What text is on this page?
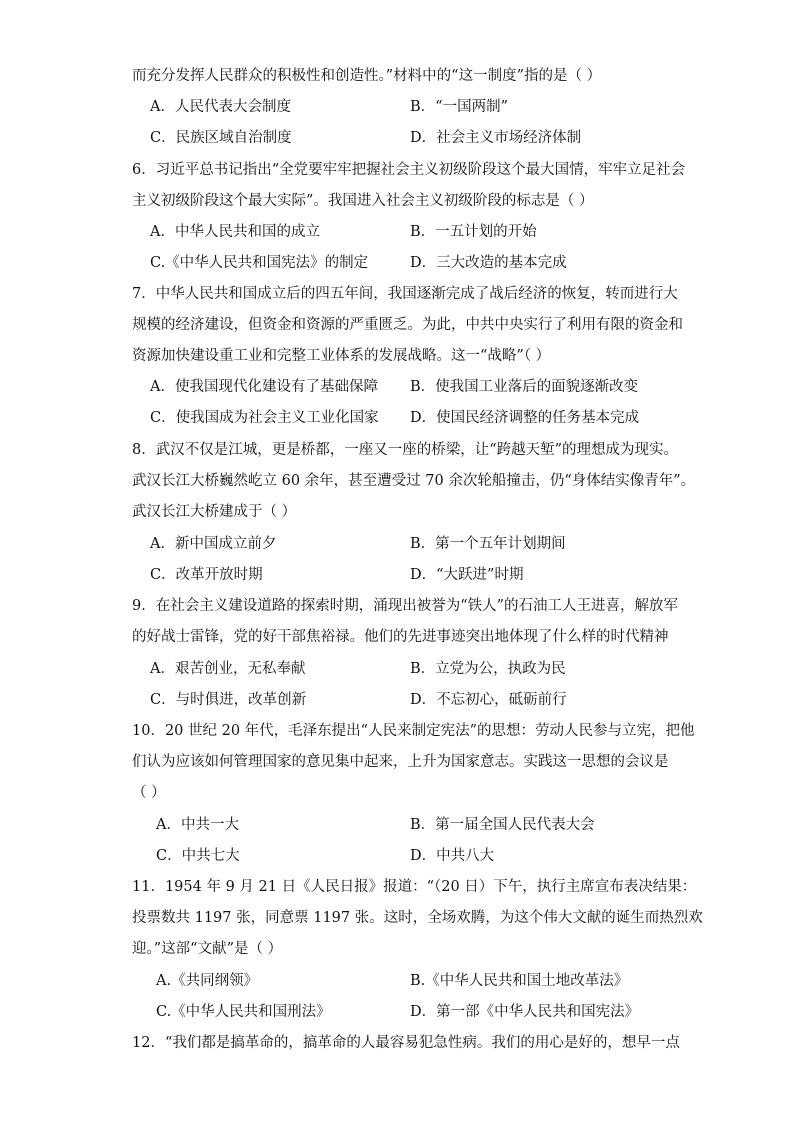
而充分发挥人民群众的积极性和创造性。”材料中的“这一制度”指的是（ ）
A．人民代表大会制度	B．“一国两制”
C．民族区域自治制度	D．社会主义市场经济体制
6．习近平总书记指出“全党要牢牢把握社会主义初级阶段这个最大国情，牢牢立足社会
主义初级阶段这个最大实际”。我国进入社会主义初级阶段的标志是（ ）
A．中华人民共和国的成立	B．一五计划的开始
C.《中华人民共和国宪法》的制定	D．三大改造的基本完成
7．中华人民共和国成立后的四五年间，我国逐渐完成了战后经济的恢复，转而进行大
规模的经济建设，但资金和资源的严重匮乏。为此，中共中央实行了利用有限的资金和
资源加快建设重工业和完整工业体系的发展战略。这一“战略”（ ）
A．使我国现代化建设有了基础保障 B．使我国工业落后的面貌逐渐改变
C．使我国成为社会主义工业化国家 D．使国民经济调整的任务基本完成
8．武汉不仅是江城，更是桥都，一座又一座的桥梁，让“跨越天堑”的理想成为现实。
武汉长江大桥巍然屹立 60 余年，甚至遭受过 70 余次轮船撞击，仍“身体结实像青年”。
武汉长江大桥建成于（ ）
A．新中国成立前夕	B．第一个五年计划期间
C．改革开放时期	D．“大跃进”时期
9．在社会主义建设道路的探索时期，涌现出被誉为“铁人”的石油工人王进喜，解放军
的好战士雷锋，党的好干部焦裕禄。他们的先进事迹突出地体现了什么样的时代精神
A．艰苦创业，无私奉献	B．立党为公，执政为民
C．与时俱进，改革创新	D．不忘初心，砥砺前行
10．20 世纪 20 年代，毛泽东提出“人民来制定宪法”的思想：劳动人民参与立宪，把他
们认为应该如何管理国家的意见集中起来，上升为国家意志。实践这一思想的会议是
（ ）
A．中共一大	B．第一届全国人民代表大会
C．中共七大	D．中共八大
11．1954 年 9 月 21 日《人民日报》报道：“（20 日）下午，执行主席宣布表决结果：
投票数共 1197 张，同意票 1197 张。这时，全场欢腾，为这个伟大文献的诞生而热烈欢
迎。”这部“文献”是（ ）
A.《共同纲领》	B.《中华人民共和国土地改革法》
C.《中华人民共和国刑法》	D．第一部《中华人民共和国宪法》
12．“我们都是搞革命的，搞革命的人最容易犯急性病。我们的用心是好的，想早一点
